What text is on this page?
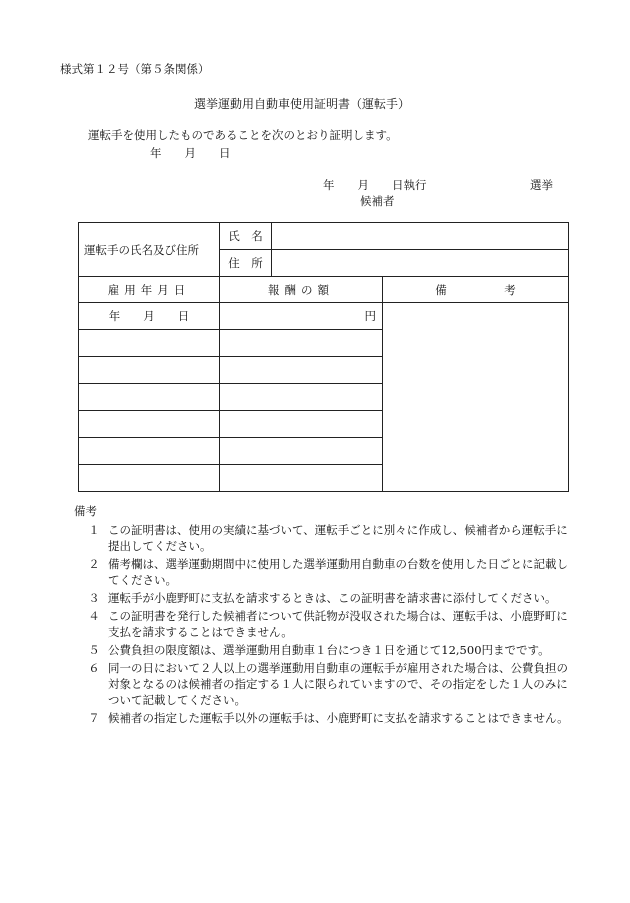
様式第１２号（第５条関係）
選挙運動用自動車使用証明書（運転手）
運転手を使用したものであることを次のとおり証明します。
年　　月　　日
年　　月　　日執行	選挙
候補者
運転手の氏名及び住所	氏　名		
	住　所		
雇用年月日	報酬の額		備　　　　　考
年　　月　　日	円		

備考
１ この証明書は、使用の実績に基づいて、運転手ごとに別々に作成し、候補者から運転手に提出してください。
２ 備考欄は、選挙運動期間中に使用した選挙運動用自動車の台数を使用した日ごとに記載してください。
３ 運転手が小鹿野町に支払を請求するときは、この証明書を請求書に添付してください。
４ この証明書を発行した候補者について供託物が没収された場合は、運転手は、小鹿野町に支払を請求することはできません。
５ 公費負担の限度額は、選挙運動用自動車１台につき１日を通じて12,500円までです。
６ 同一の日において２人以上の選挙運動用自動車の運転手が雇用された場合は、公費負担の対象となるのは候補者の指定する１人に限られていますので、その指定をした１人のみについて記載してください。
７ 候補者の指定した運転手以外の運転手は、小鹿野町に支払を請求することはできません。
